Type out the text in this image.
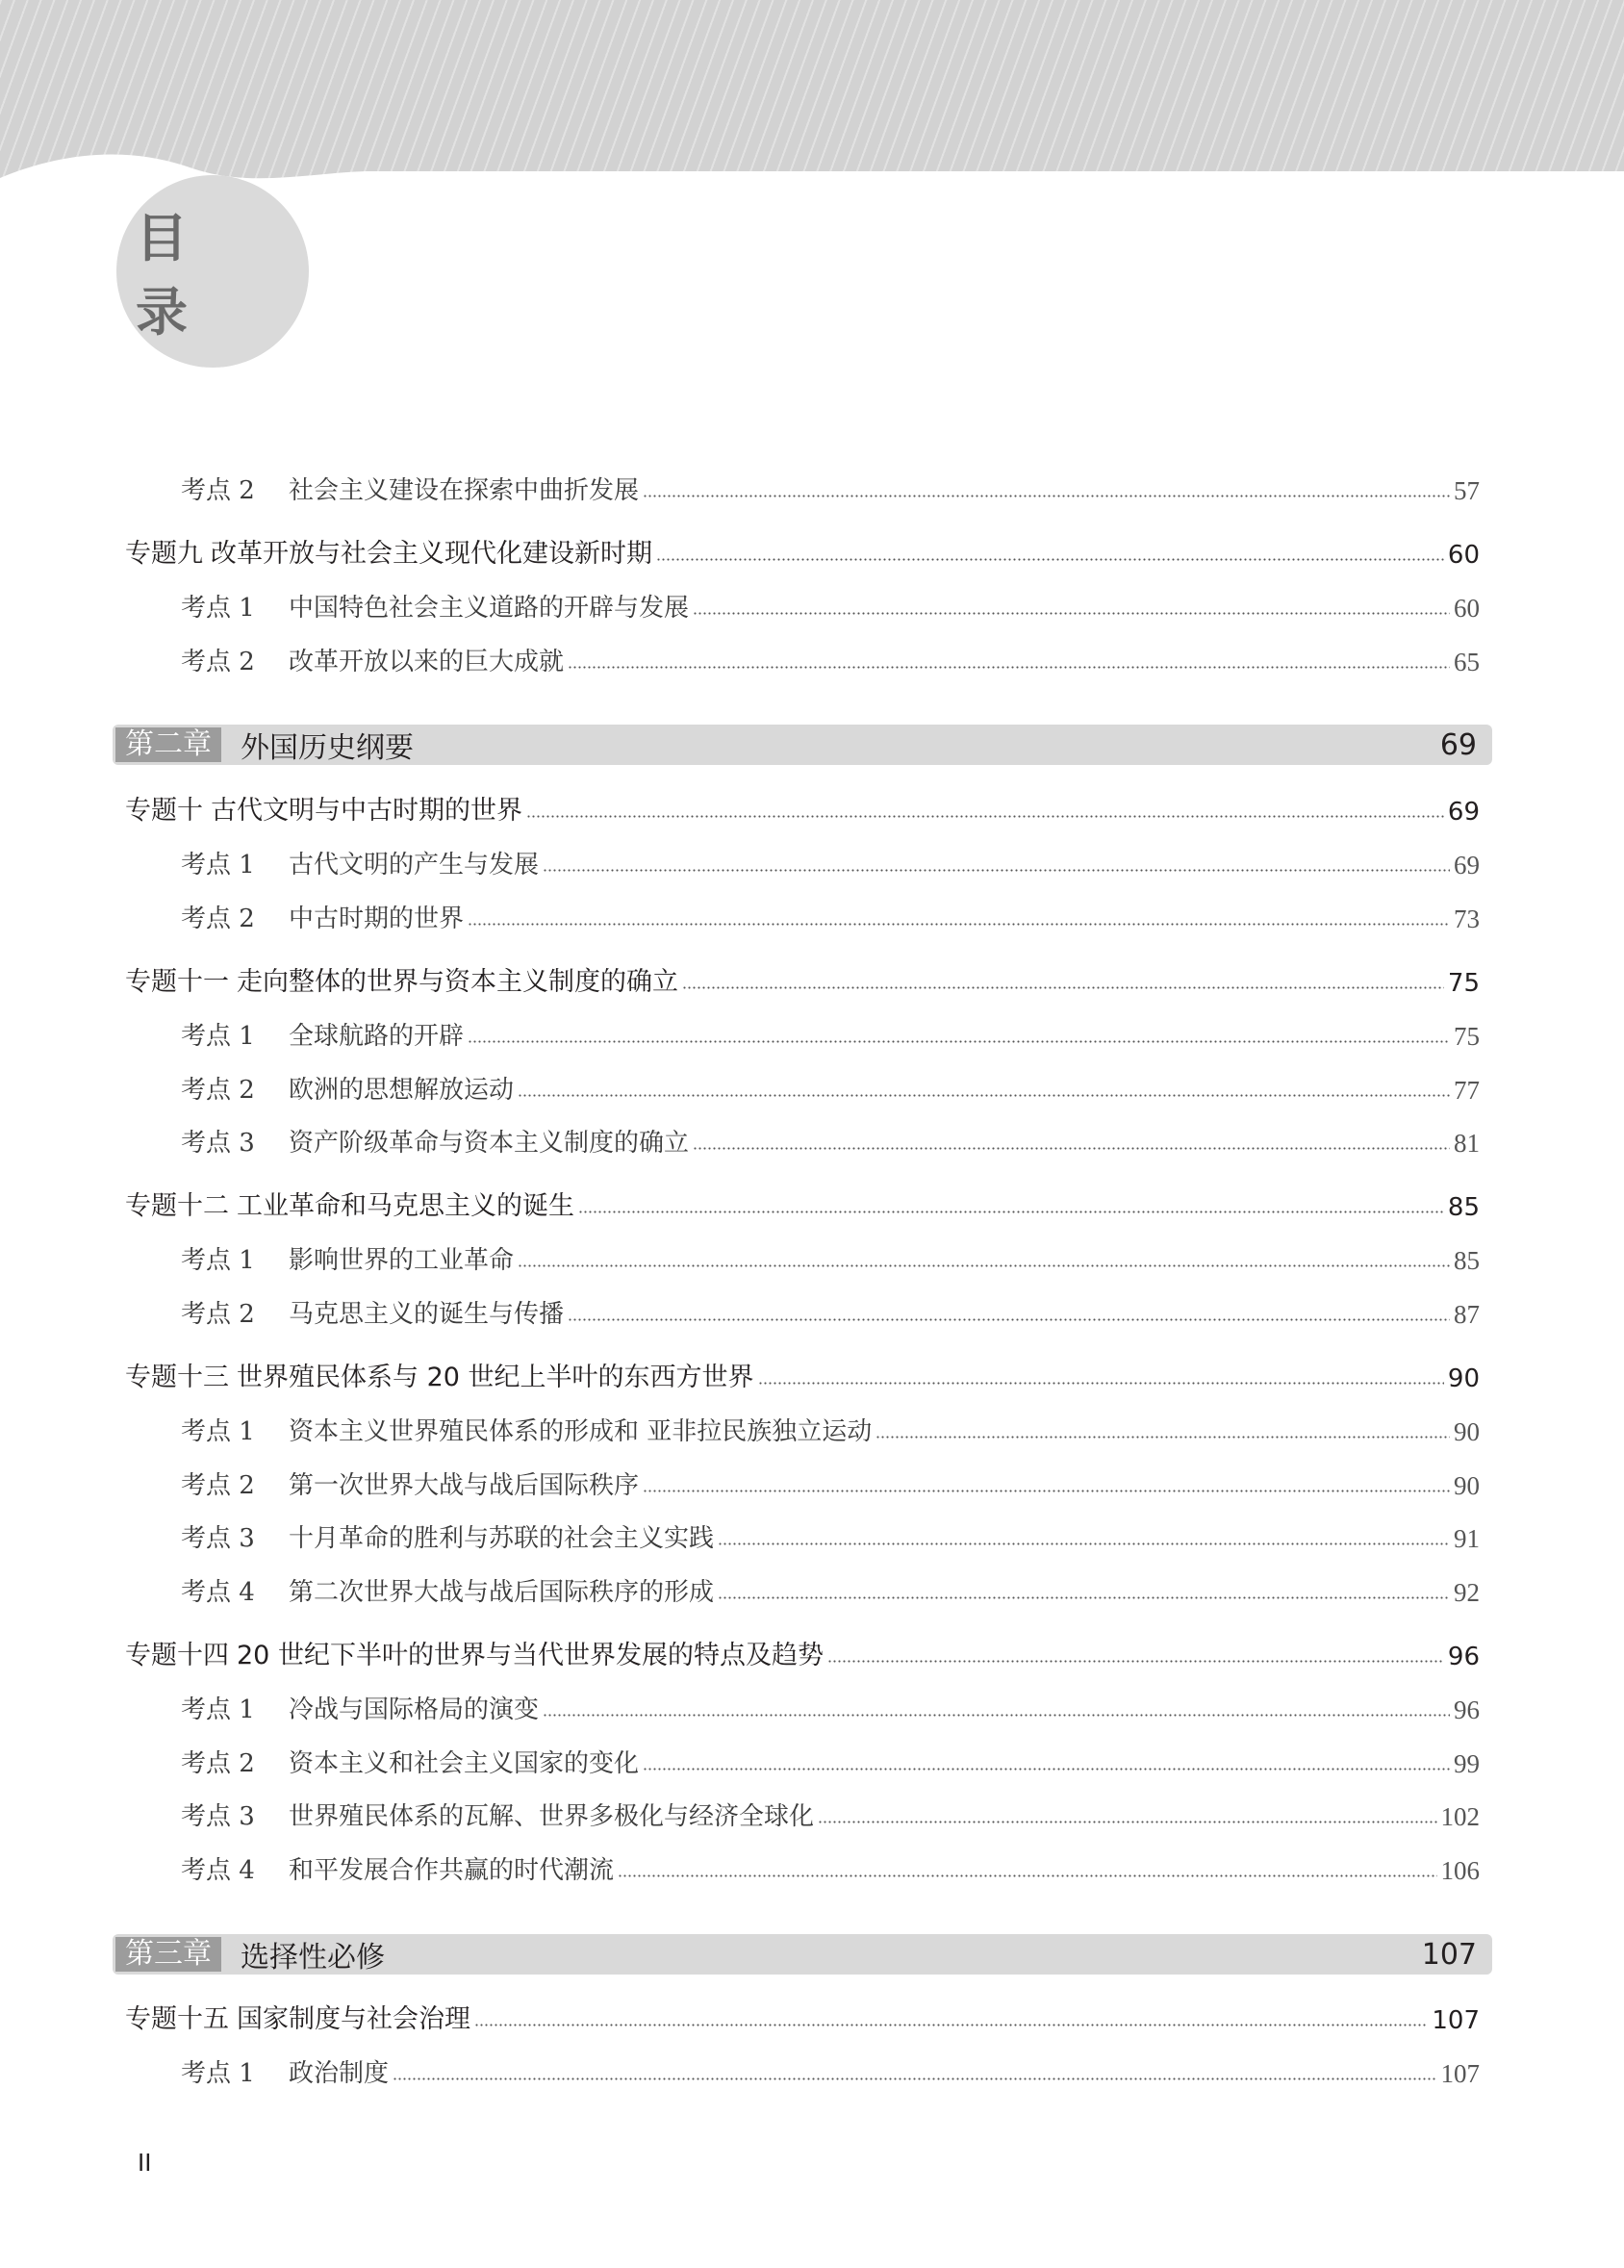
目 录
考点 2	社会主义建设在探索中曲折发展	57
专题九 改革开放与社会主义现代化建设新时期	60
考点 1	中国特色社会主义道路的开辟与发展	60
考点 2	改革开放以来的巨大成就	65
第二章	外国历史纲要	69
专题十 古代文明与中古时期的世界	69
考点 1	古代文明的产生与发展	69
考点 2	中古时期的世界	73
专题十一 走向整体的世界与资本主义制度的确立	75
考点 1	全球航路的开辟	75
考点 2	欧洲的思想解放运动	77
考点 3	资产阶级革命与资本主义制度的确立	81
专题十二 工业革命和马克思主义的诞生	85
考点 1	影响世界的工业革命	85
考点 2	马克思主义的诞生与传播	87
专题十三 世界殖民体系与 20 世纪上半叶的东西方世界	90
考点 1	资本主义世界殖民体系的形成和 亚非拉民族独立运动	90
考点 2	第一次世界大战与战后国际秩序	90
考点 3	十月革命的胜利与苏联的社会主义实践	91
考点 4	第二次世界大战与战后国际秩序的形成	92
专题十四 20 世纪下半叶的世界与当代世界发展的特点及趋势	96
考点 1	冷战与国际格局的演变	96
考点 2	资本主义和社会主义国家的变化	99
考点 3	世界殖民体系的瓦解、世界多极化与经济全球化	102
考点 4	和平发展合作共赢的时代潮流	106
第三章	选择性必修	107
专题十五 国家制度与社会治理	107
考点 1	政治制度	107
II
